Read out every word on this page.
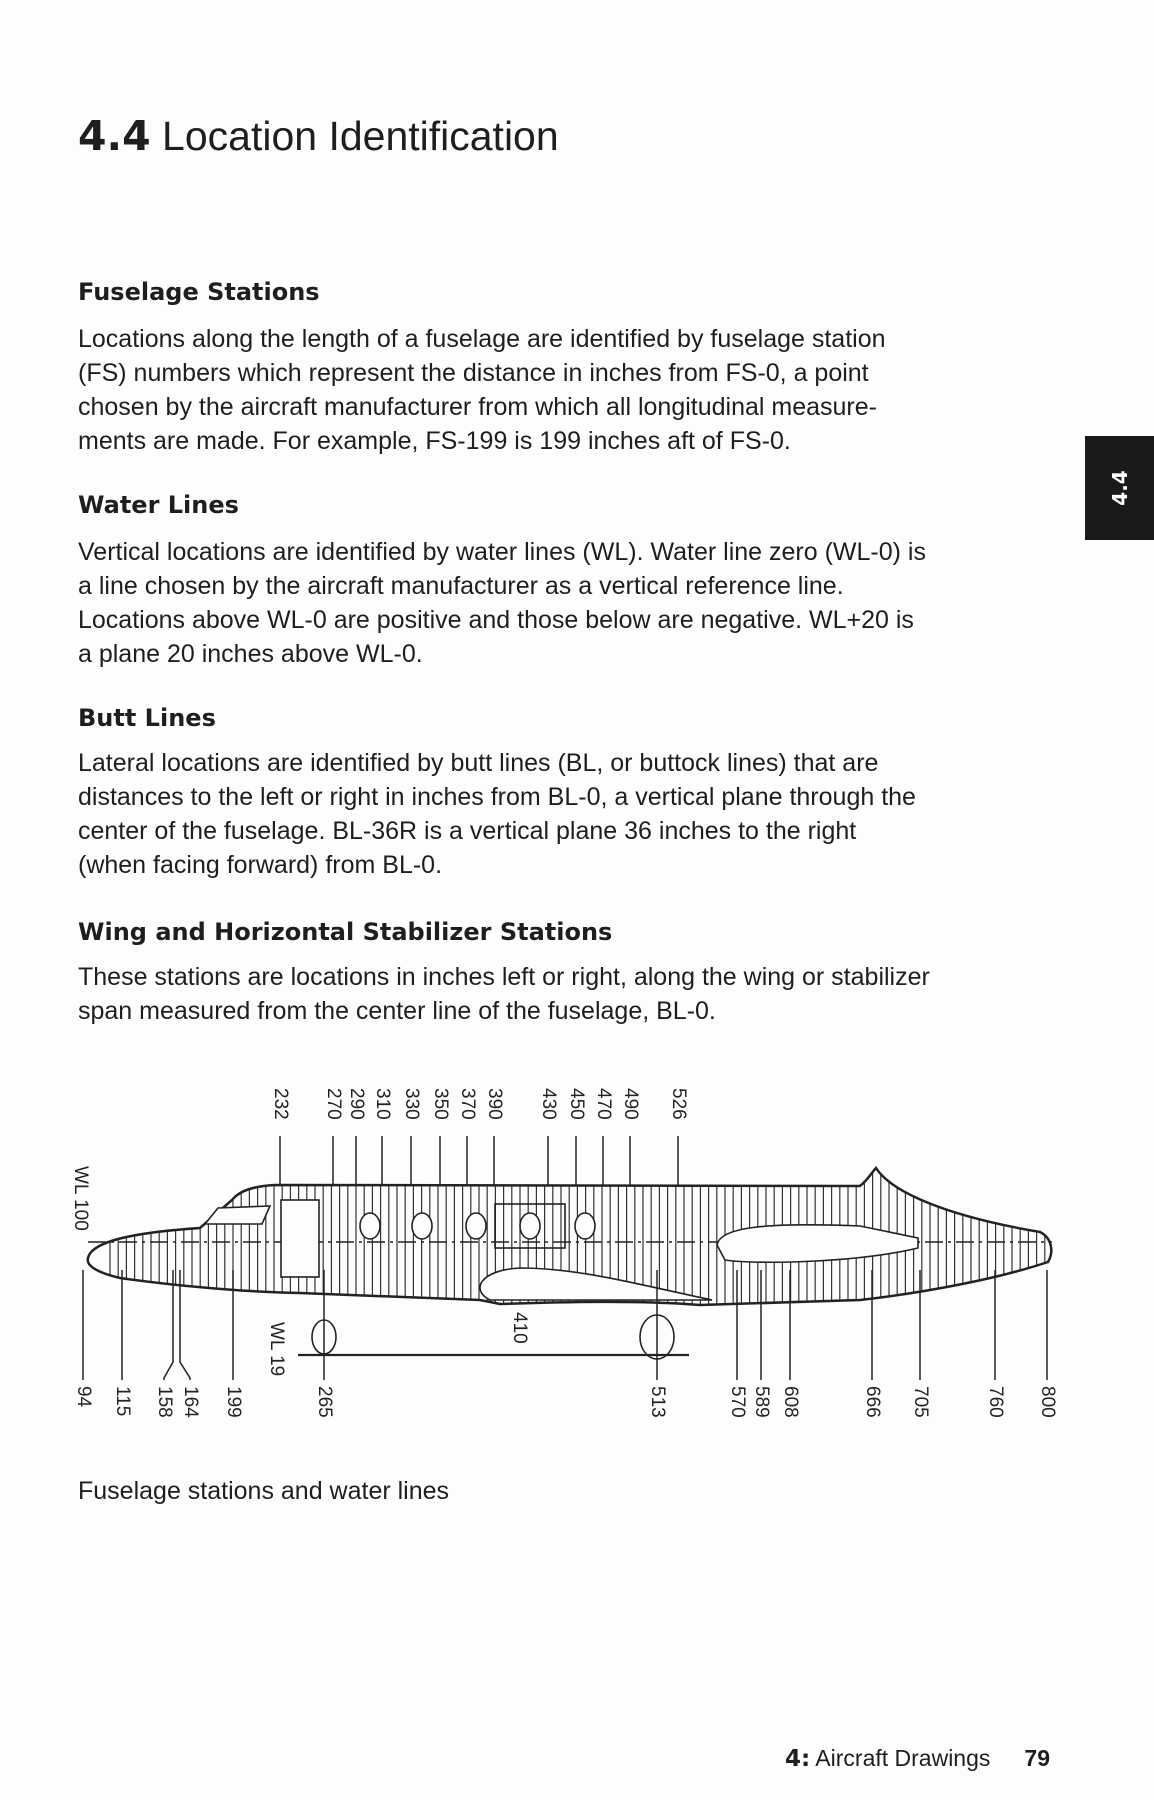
4.4 Location Identification
4.4
Fuselage Stations
Locations along the length of a fuselage are identified by fuselage station
(FS) numbers which represent the distance in inches from FS-0, a point
chosen by the aircraft manufacturer from which all longitudinal measure-
ments are made. For example, FS-199 is 199 inches aft of FS-0.
Water Lines
Vertical locations are identified by water lines (WL). Water line zero (WL-0) is
a line chosen by the aircraft manufacturer as a vertical reference line.
Locations above WL-0 are positive and those below are negative. WL+20 is
a plane 20 inches above WL-0.
Butt Lines
Lateral locations are identified by butt lines (BL, or buttock lines) that are
distances to the left or right in inches from BL-0, a vertical plane through the
center of the fuselage. BL-36R is a vertical plane 36 inches to the right
(when facing forward) from BL-0.
Wing and Horizontal Stabilizer Stations
These stations are locations in inches left or right, along the wing or stabilizer
span measured from the center line of the fuselage, BL-0.
232 270 290 310 330 350 370 390 430 450 470 490 526
94 115 158 164 199	265	513	570 589 608	666 705	760 800
WL 100
WL 19	410
Fuselage stations and water lines
4: Aircraft Drawings 79
